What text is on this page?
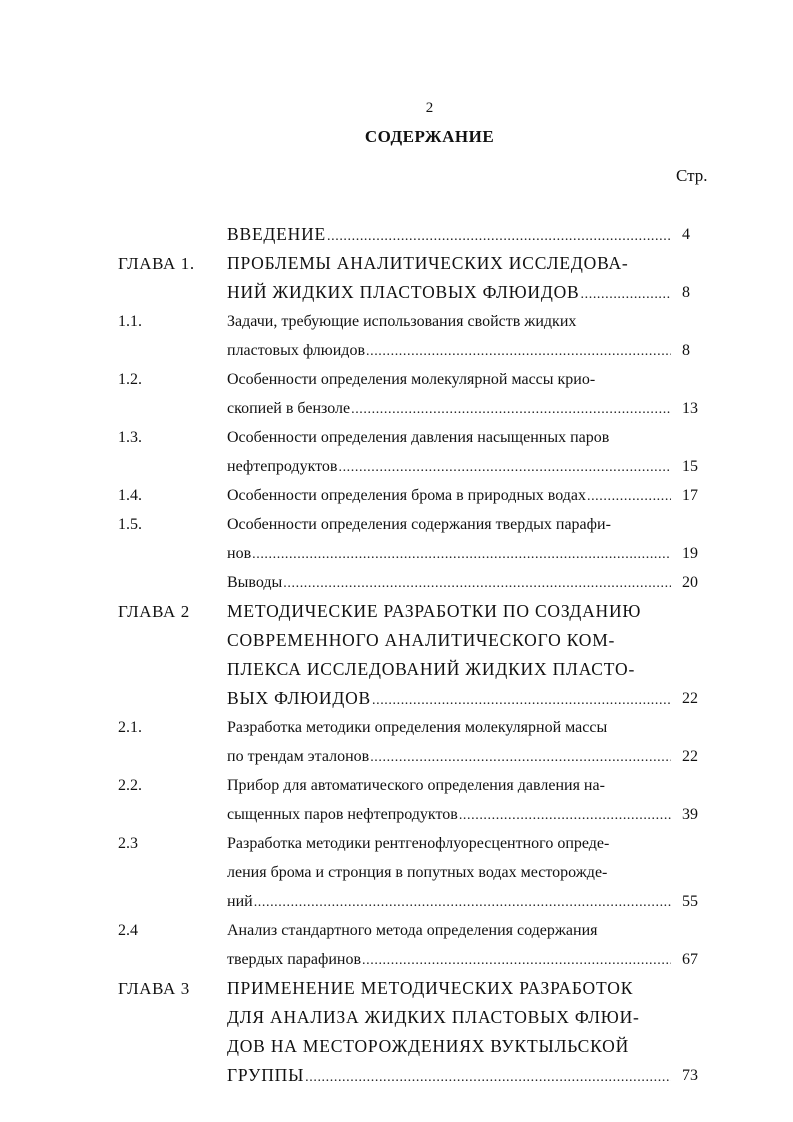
2
СОДЕРЖАНИЕ
Стр.
ВВЕДЕНИЕ .....	4
ГЛАВА 1. ПРОБЛЕМЫ АНАЛИТИЧЕСКИХ ИССЛЕДОВА-
НИЙ ЖИДКИХ ПЛАСТОВЫХ ФЛЮИДОВ .....	8
1.1.	Задачи, требующие использования свойств жидких
пластовых флюидов .....	8
1.2.	Особенности определения молекулярной массы крио-
скопией в бензоле .....	13
1.3.	Особенности определения давления насыщенных паров
нефтепродуктов .....	15
1.4.	Особенности определения брома в природных водах .....	17
1.5.	Особенности определения содержания твердых парафи-
нов .....	19
Выводы .....	20
ГЛАВА 2 МЕТОДИЧЕСКИЕ РАЗРАБОТКИ ПО СОЗДАНИЮ
СОВРЕМЕННОГО АНАЛИТИЧЕСКОГО КОМ-
ПЛЕКСА ИССЛЕДОВАНИЙ ЖИДКИХ ПЛАСТО-
ВЫХ ФЛЮИДОВ .....	22
2.1.	Разработка методики определения молекулярной массы
по трендам эталонов .....	22
2.2.	Прибор для автоматического определения давления на-
сыщенных паров нефтепродуктов .....	39
2.3	Разработка методики рентгенофлуоресцентного опреде-
ления брома и стронция в попутных водах месторожде-
ний .....	55
2.4	Анализ стандартного метода определения содержания
твердых парафинов .....	67
ГЛАВА 3 ПРИМЕНЕНИЕ МЕТОДИЧЕСКИХ РАЗРАБОТОК
ДЛЯ АНАЛИЗА ЖИДКИХ ПЛАСТОВЫХ ФЛЮИ-
ДОВ НА МЕСТОРОЖДЕНИЯХ ВУКТЫЛЬСКОЙ
ГРУППЫ .....	73
